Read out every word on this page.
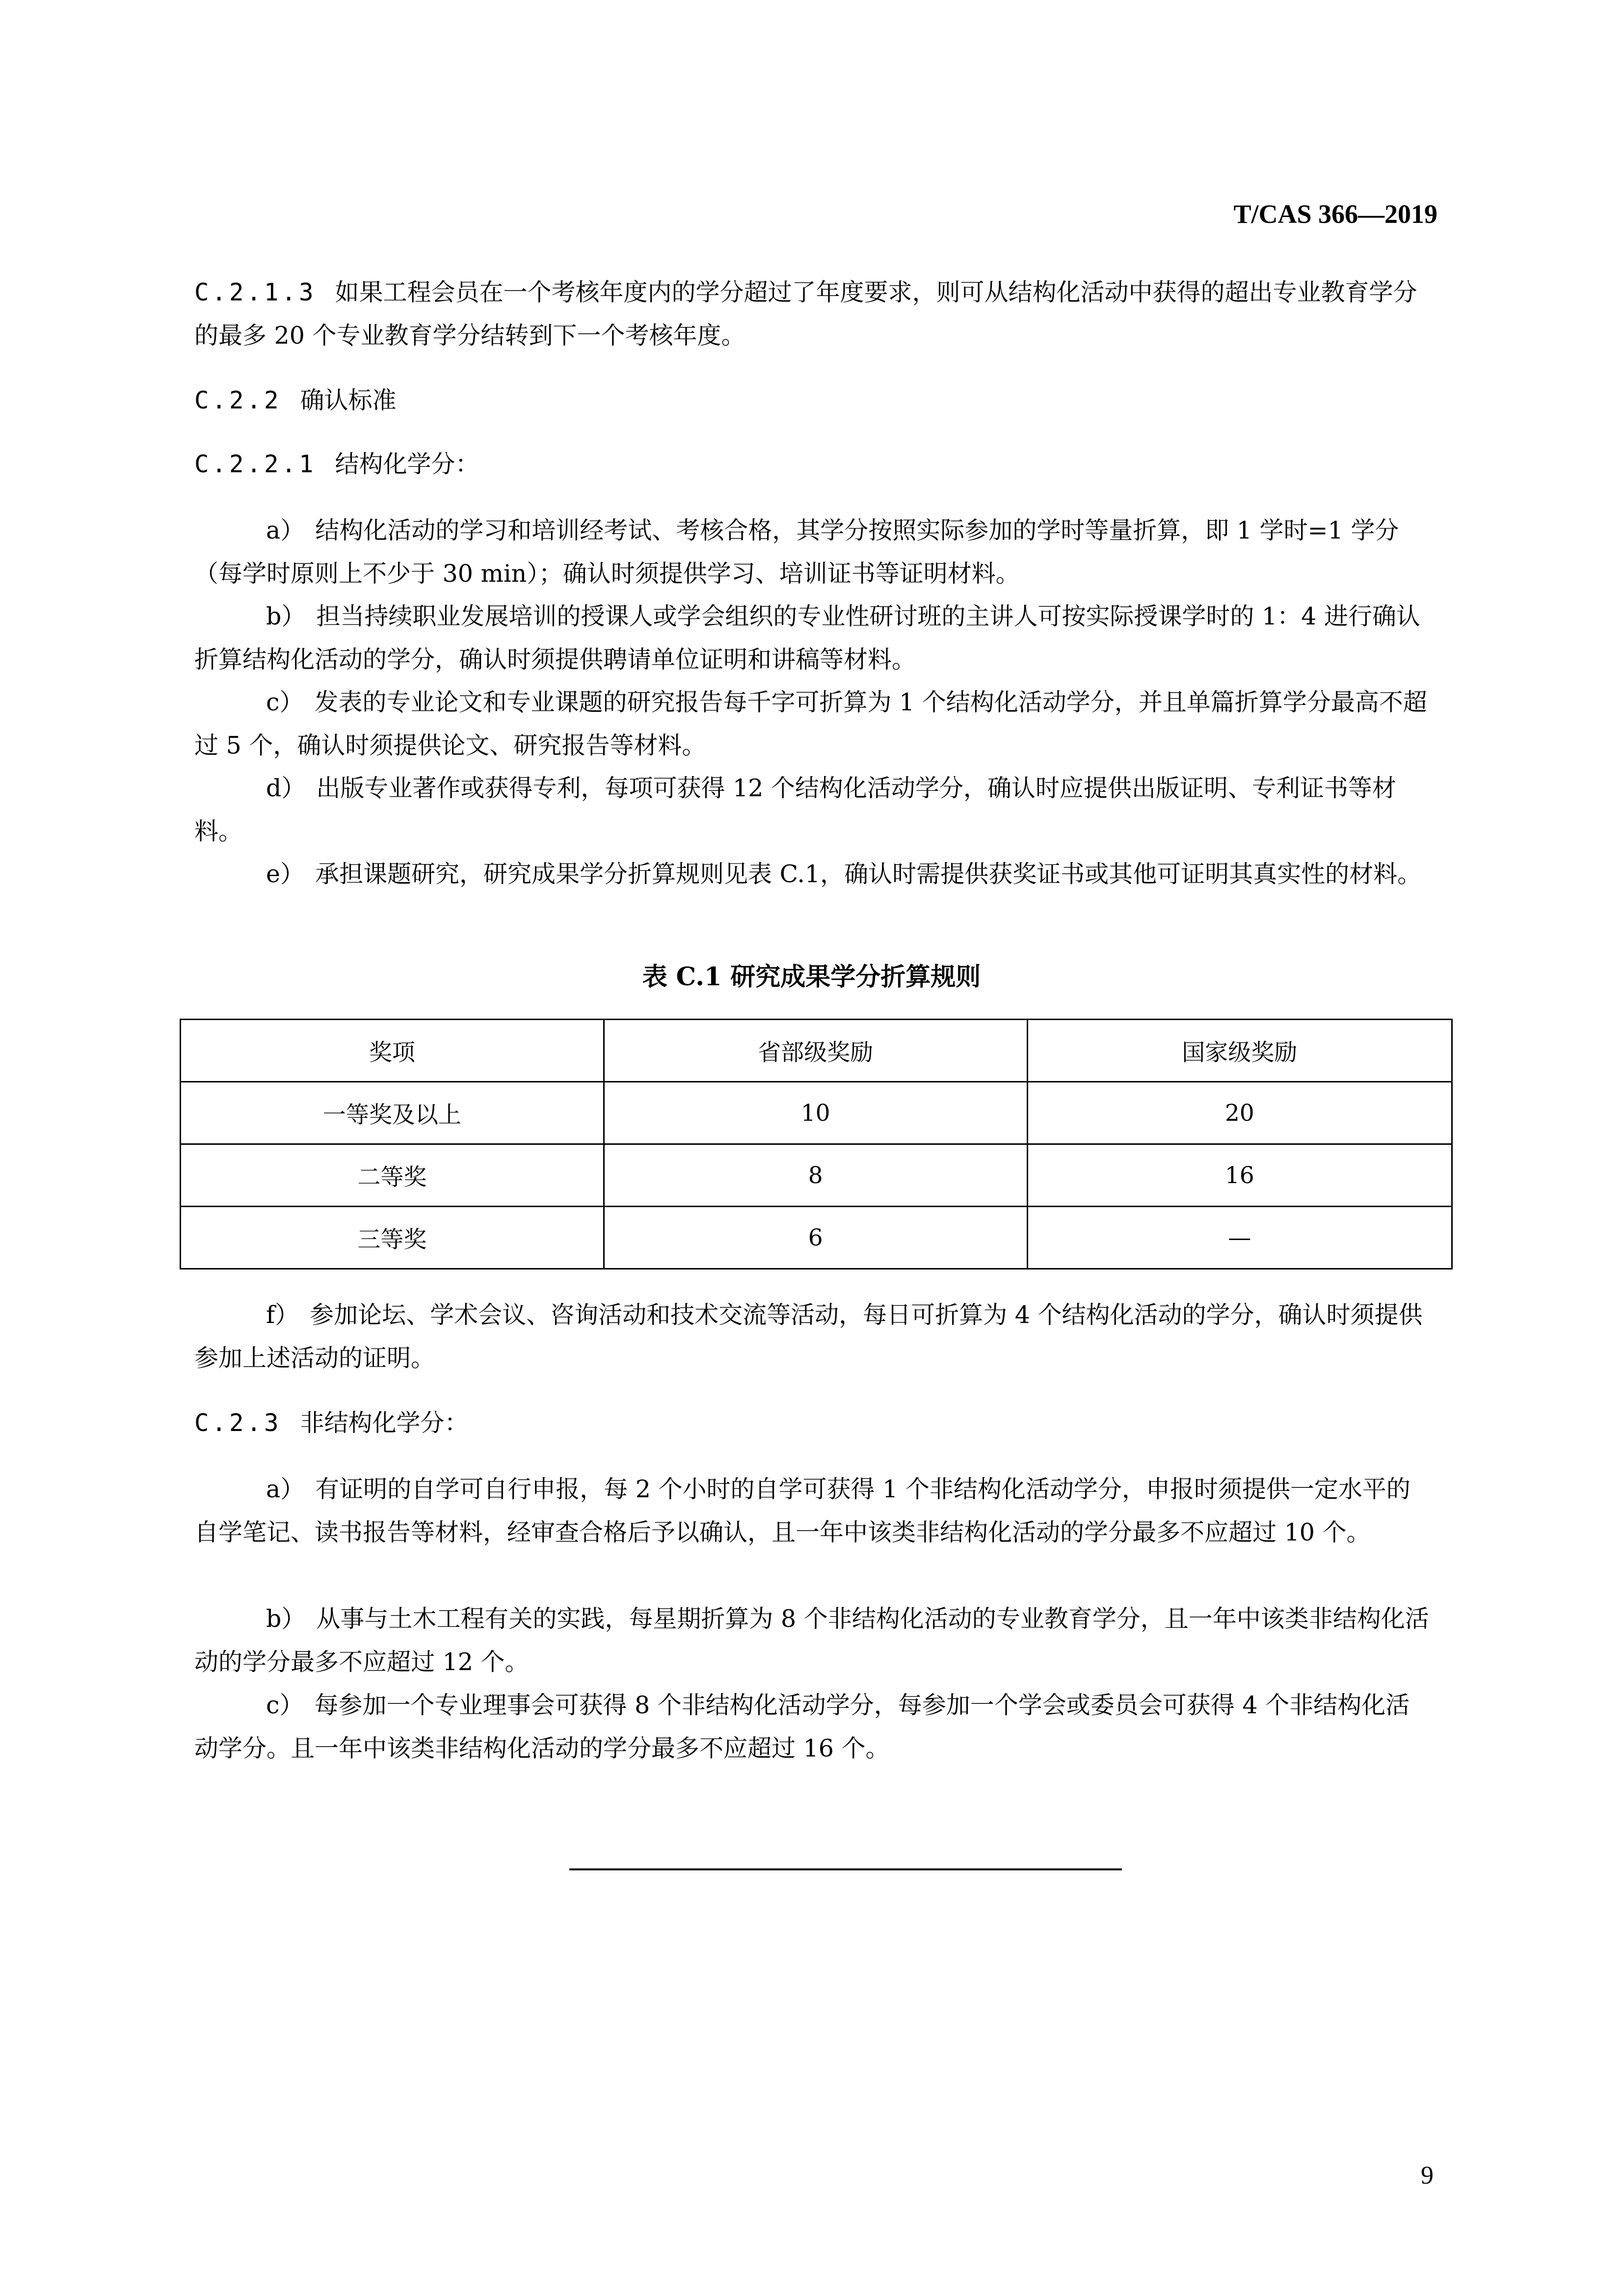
T/CAS 366—2019

C.2.1.3 如果工程会员在一个考核年度内的学分超过了年度要求，则可从结构化活动中获得的超出专业教育学分的最多 20 个专业教育学分结转到下一个考核年度。

C.2.2 确认标准

C.2.2.1 结构化学分：

a） 结构化活动的学习和培训经考试、考核合格，其学分按照实际参加的学时等量折算，即 1 学时=1 学分（每学时原则上不少于 30 min）；确认时须提供学习、培训证书等证明材料。

b） 担当持续职业发展培训的授课人或学会组织的专业性研讨班的主讲人可按实际授课学时的 1：4 进行确认折算结构化活动的学分，确认时须提供聘请单位证明和讲稿等材料。

c） 发表的专业论文和专业课题的研究报告每千字可折算为 1 个结构化活动学分，并且单篇折算学分最高不超过 5 个，确认时须提供论文、研究报告等材料。

d） 出版专业著作或获得专利，每项可获得 12 个结构化活动学分，确认时应提供出版证明、专利证书等材料。

e） 承担课题研究，研究成果学分折算规则见表 C.1，确认时需提供获奖证书或其他可证明其真实性的材料。

表 C.1 研究成果学分折算规则

奖项	省部级奖励	国家级奖励
一等奖及以上	10	20
二等奖	8	16
三等奖	6	—

f） 参加论坛、学术会议、咨询活动和技术交流等活动，每日可折算为 4 个结构化活动的学分，确认时须提供参加上述活动的证明。

C.2.3 非结构化学分：

a） 有证明的自学可自行申报，每 2 个小时的自学可获得 1 个非结构化活动学分，申报时须提供一定水平的自学笔记、读书报告等材料，经审查合格后予以确认，且一年中该类非结构化活动的学分最多不应超过 10 个。

b） 从事与土木工程有关的实践，每星期折算为 8 个非结构化活动的专业教育学分，且一年中该类非结构化活动的学分最多不应超过 12 个。

c） 每参加一个专业理事会可获得 8 个非结构化活动学分，每参加一个学会或委员会可获得 4 个非结构化活动学分。且一年中该类非结构化活动的学分最多不应超过 16 个。

9
